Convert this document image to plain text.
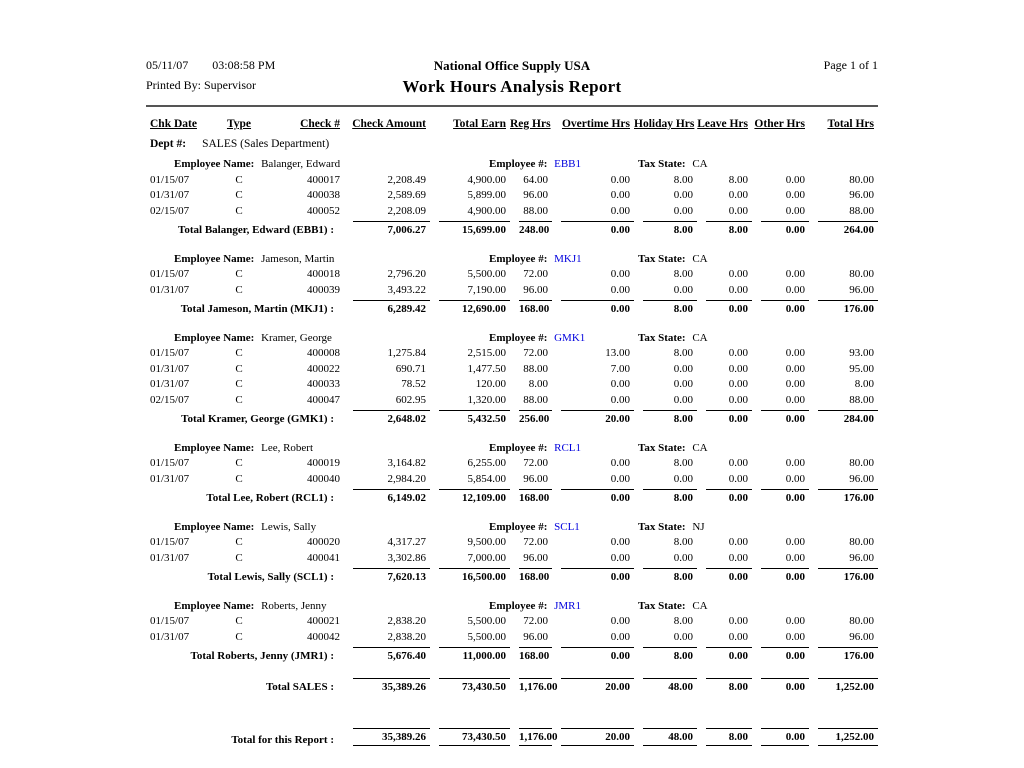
05/11/07 03:08:58 PM
Printed By: Supervisor
National Office Supply USA
Work Hours Analysis Report
Page 1 of 1
Chk Date	Type	Check #	Check Amount	Total Earn	Reg Hrs	Overtime Hrs	Holiday Hrs	Leave Hrs	Other Hrs	Total Hrs
Dept #: SALES (Sales Department)										

Employee Name: Balanger, Edward Employee #: EBB1 Tax State: CA										

01/15/07	C	400017	2,208.49	4,900.00	64.00	0.00	8.00	8.00	0.00	80.00
01/31/07	C	400038	2,589.69	5,899.00	96.00	0.00	0.00	0.00	0.00	96.00
02/15/07	C	400052	2,208.09	4,900.00	88.00	0.00	0.00	0.00	0.00	88.00
Total Balanger, Edward (EBB1) :			7,006.27	15,699.00	248.00	0.00	8.00	8.00	0.00	264.00

Employee Name: Jameson, Martin Employee #: MKJ1 Tax State: CA										

01/15/07	C	400018	2,796.20	5,500.00	72.00	0.00	8.00	0.00	0.00	80.00
01/31/07	C	400039	3,493.22	7,190.00	96.00	0.00	0.00	0.00	0.00	96.00
Total Jameson, Martin (MKJ1) :			6,289.42	12,690.00	168.00	0.00	8.00	0.00	0.00	176.00

Employee Name: Kramer, George Employee #: GMK1 Tax State: CA										

01/15/07	C	400008	1,275.84	2,515.00	72.00	13.00	8.00	0.00	0.00	93.00
01/31/07	C	400022	690.71	1,477.50	88.00	7.00	0.00	0.00	0.00	95.00
01/31/07	C	400033	78.52	120.00	8.00	0.00	0.00	0.00	0.00	8.00
02/15/07	C	400047	602.95	1,320.00	88.00	0.00	0.00	0.00	0.00	88.00
Total Kramer, George (GMK1) :			2,648.02	5,432.50	256.00	20.00	8.00	0.00	0.00	284.00

Employee Name: Lee, Robert Employee #: RCL1 Tax State: CA										

01/15/07	C	400019	3,164.82	6,255.00	72.00	0.00	8.00	0.00	0.00	80.00
01/31/07	C	400040	2,984.20	5,854.00	96.00	0.00	0.00	0.00	0.00	96.00
Total Lee, Robert (RCL1) :			6,149.02	12,109.00	168.00	0.00	8.00	0.00	0.00	176.00

Employee Name: Lewis, Sally Employee #: SCL1 Tax State: NJ										

01/15/07	C	400020	4,317.27	9,500.00	72.00	0.00	8.00	0.00	0.00	80.00
01/31/07	C	400041	3,302.86	7,000.00	96.00	0.00	0.00	0.00	0.00	96.00
Total Lewis, Sally (SCL1) :			7,620.13	16,500.00	168.00	0.00	8.00	0.00	0.00	176.00

Employee Name: Roberts, Jenny Employee #: JMR1 Tax State: CA										

01/15/07	C	400021	2,838.20	5,500.00	72.00	0.00	8.00	0.00	0.00	80.00
01/31/07	C	400042	2,838.20	5,500.00	96.00	0.00	0.00	0.00	0.00	96.00
Total Roberts, Jenny (JMR1) :			5,676.40	11,000.00	168.00	0.00	8.00	0.00	0.00	176.00

Total SALES :			35,389.26	73,430.50	1,176.00	20.00	48.00	8.00	0.00	1,252.00

Total for this Report :			35,389.26	73,430.50	1,176.00	20.00	48.00	8.00	0.00	1,252.00
